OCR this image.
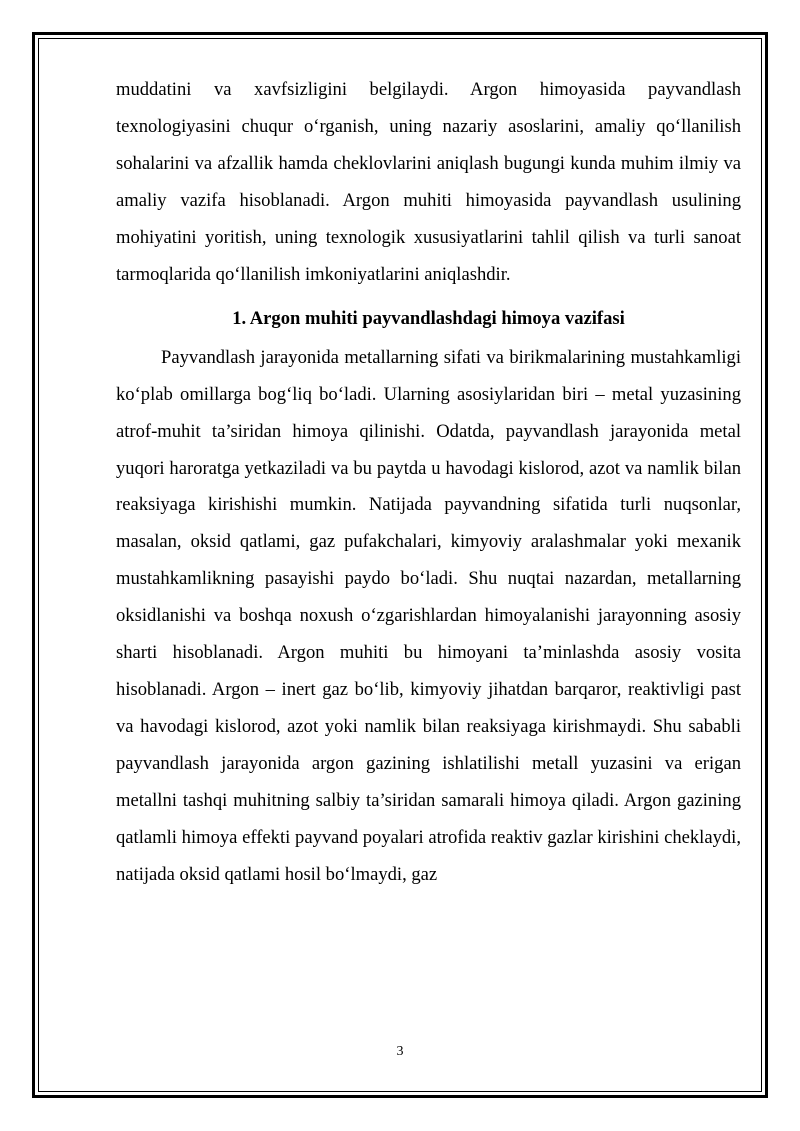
muddatini va xavfsizligini belgilaydi. Argon himoyasida payvandlash texnologiyasini chuqur o‘rganish, uning nazariy asoslarini, amaliy qo‘llanilish sohalarini va afzallik hamda cheklovlarini aniqlash bugungi kunda muhim ilmiy va amaliy vazifa hisoblanadi. Argon muhiti himoyasida payvandlash usulining mohiyatini yoritish, uning texnologik xususiyatlarini tahlil qilish va turli sanoat tarmoqlarida qo‘llanilish imkoniyatlarini aniqlashdir.

1. Argon muhiti payvandlashdagi himoya vazifasi

Payvandlash jarayonida metallarning sifati va birikmalarining mustahkamligi ko‘plab omillarga bog‘liq bo‘ladi. Ularning asosiylaridan biri – metal yuzasining atrof-muhit ta’siridan himoya qilinishi. Odatda, payvandlash jarayonida metal yuqori haroratga yetkaziladi va bu paytda u havodagi kislorod, azot va namlik bilan reaksiyaga kirishishi mumkin. Natijada payvandning sifatida turli nuqsonlar, masalan, oksid qatlami, gaz pufakchalari, kimyoviy aralashmalar yoki mexanik mustahkamlikning pasayishi paydo bo‘ladi. Shu nuqtai nazardan, metallarning oksidlanishi va boshqa noxush o‘zgarishlardan himoyalanishi jarayonning asosiy sharti hisoblanadi. Argon muhiti bu himoyani ta’minlashda asosiy vosita hisoblanadi. Argon – inert gaz bo‘lib, kimyoviy jihatdan barqaror, reaktivligi past va havodagi kislorod, azot yoki namlik bilan reaksiyaga kirishmaydi. Shu sababli payvandlash jarayonida argon gazining ishlatilishi metall yuzasini va erigan metallni tashqi muhitning salbiy ta’siridan samarali himoya qiladi. Argon gazining qatlamli himoya effekti payvand poyalari atrofida reaktiv gazlar kirishini cheklaydi, natijada oksid qatlami hosil bo‘lmaydi, gaz

3
